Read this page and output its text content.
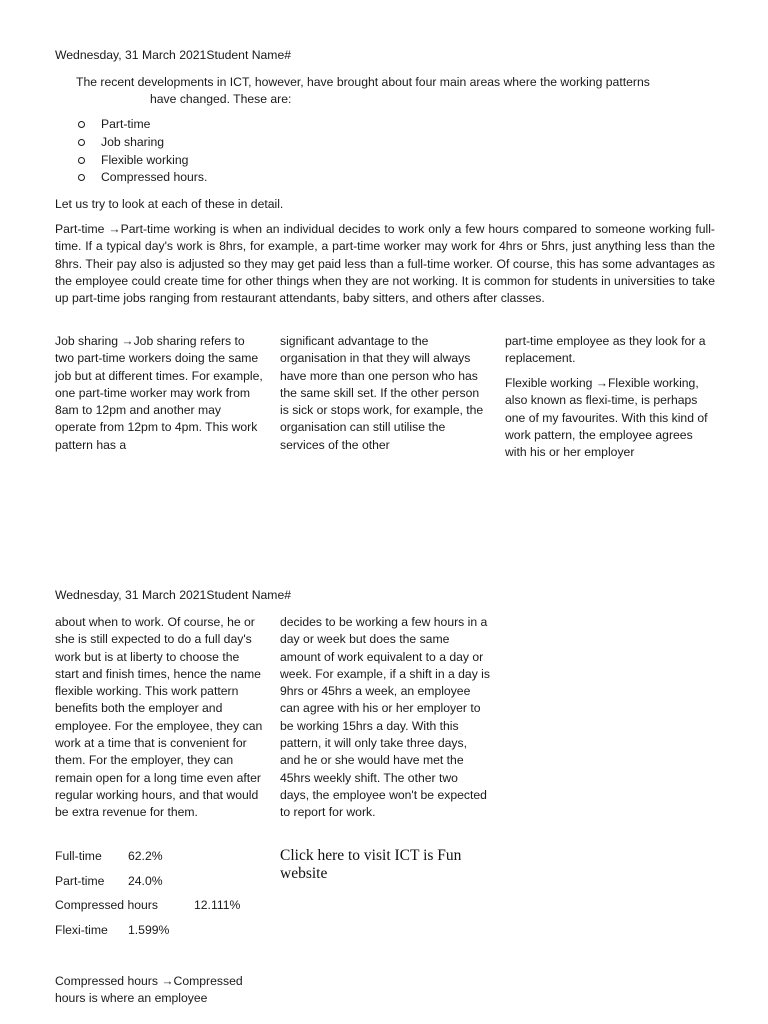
Wednesday, 31 March 2021Student Name#

The recent developments in ICT, however, have brought about four main areas where the working patterns

have changed. These are:

Part-time
Job sharing
Flexible working
Compressed hours.

Let us try to look at each of these in detail.

Part-time →Part-time working is when an individual decides to work only a few hours compared to someone working full-time. If a typical day's work is 8hrs, for example, a part-time worker may work for 4hrs or 5hrs, just anything less than the 8hrs. Their pay also is adjusted so they may get paid less than a full-time worker. Of course, this has some advantages as the employee could create time for other things when they are not working. It is common for students in universities to take up part-time jobs ranging from restaurant attendants, baby sitters, and others after classes.

Job sharing →Job sharing refers to two part-time workers doing the same job but at different times. For example, one part-time worker may work from 8am to 12pm and another may operate from 12pm to 4pm. This work pattern has a

significant advantage to the organisation in that they will always have more than one person who has the same skill set. If the other person is sick or stops work, for example, the organisation can still utilise the services of the other

part-time employee as they look for a replacement.

Flexible working →Flexible working, also known as flexi-time, is perhaps one of my favourites. With this kind of work pattern, the employee agrees with his or her employer

Wednesday, 31 March 2021Student Name#

about when to work. Of course, he or she is still expected to do a full day's work but is at liberty to choose the start and finish times, hence the name flexible working. This work pattern benefits both the employer and employee. For the employee, they can work at a time that is convenient for them. For the employer, they can remain open for a long time even after regular working hours, and that would be extra revenue for them.

decides to be working a few hours in a day or week but does the same amount of work equivalent to a day or week. For example, if a shift in a day is 9hrs or 45hrs a week, an employee can agree with his or her employer to be working 15hrs a day. With this pattern, it will only take three days, and he or she would have met the 45hrs weekly shift. The other two days, the employee won't be expected to report for work.

Full-time 62.2%
Part-time 24.0%
Compressed hours	12.111%
Flexi-time 1.599%

Click here to visit ICT is Fun website

Compressed hours →Compressed hours is where an employee
